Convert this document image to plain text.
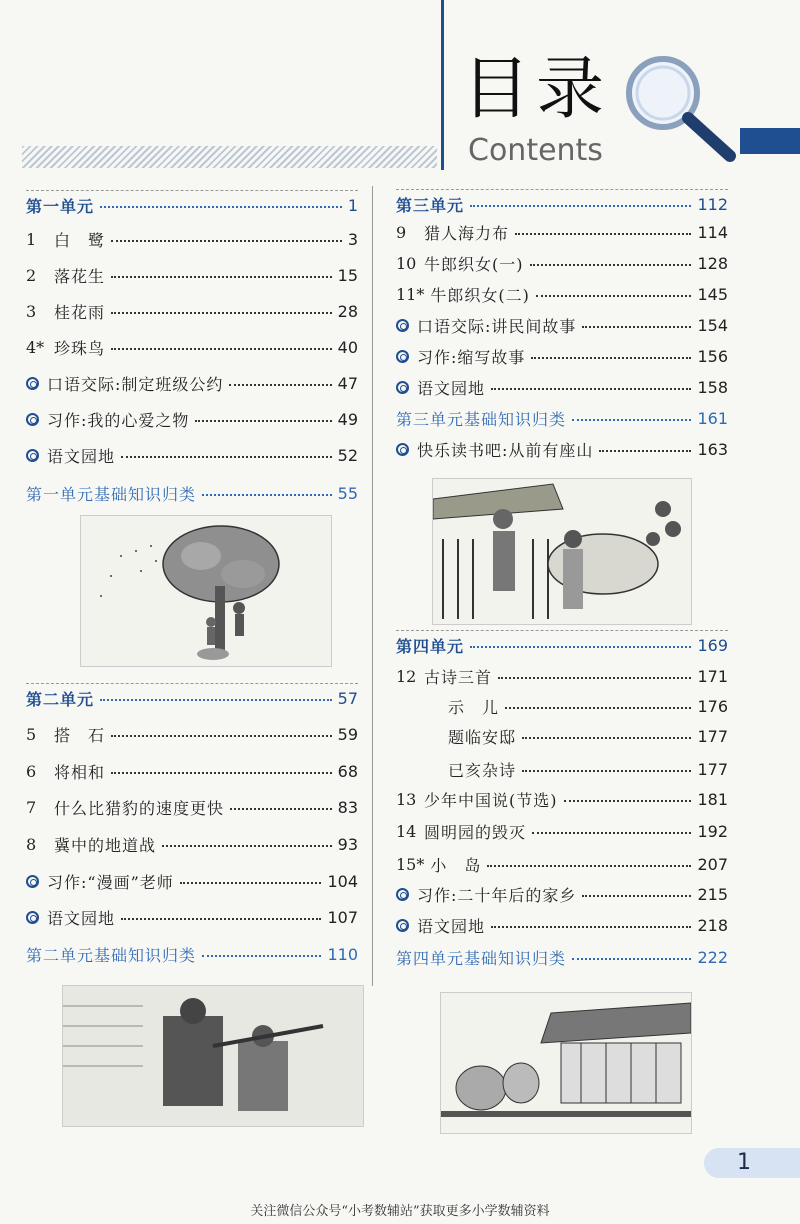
目录
Contents
第一单元	1
1	白　鹭	3
2	落花生	15
3	桂花雨	28
4* 珍珠鸟	40
口语交际:制定班级公约	47
习作:我的心爱之物	49
语文园地	52
第一单元基础知识归类	55
第二单元	57
5	搭　石	59
6	将相和	68
7	什么比猎豹的速度更快	83
8	冀中的地道战	93
习作:“漫画”老师	104
语文园地	107
第二单元基础知识归类	110
第三单元	112
9	猎人海力布	114
10 牛郎织女(一)	128
11* 牛郎织女(二)	145
口语交际:讲民间故事	154
习作:缩写故事	156
语文园地	158
第三单元基础知识归类	161
快乐读书吧:从前有座山	163
第四单元	169
12 古诗三首	171
示　儿	176
题临安邸	177
已亥杂诗	177
13 少年中国说(节选)	181
14 圆明园的毁灭	192
15* 小　岛	207
习作:二十年后的家乡	215
语文园地	218
第四单元基础知识归类	222
1
关注微信公众号“小考数辅站”获取更多小学数辅资料
